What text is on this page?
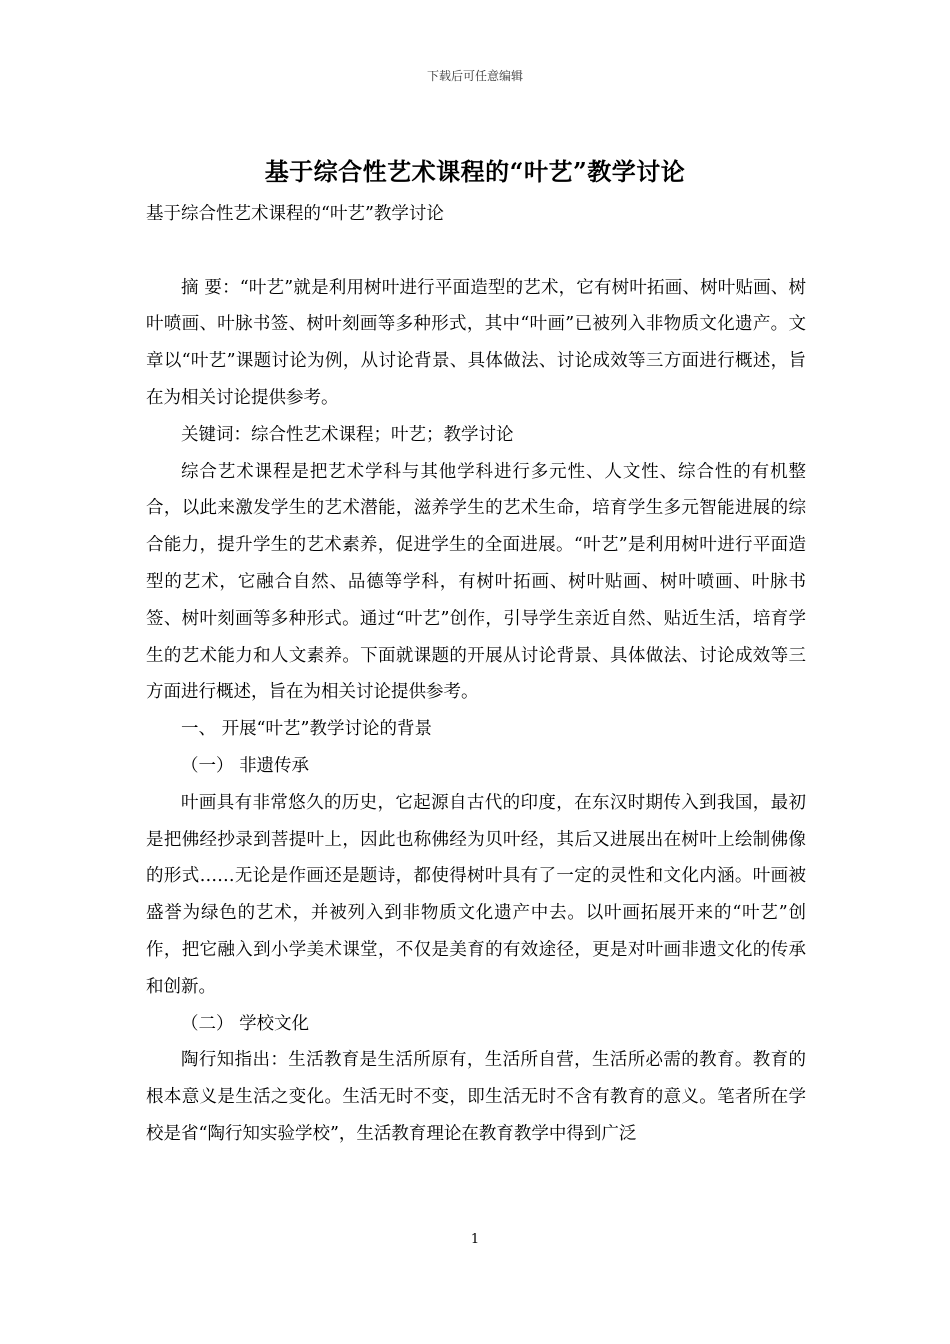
下载后可任意编辑
基于综合性艺术课程的“叶艺”教学讨论

基于综合性艺术课程的“叶艺”教学讨论

摘 要：“叶艺”就是利用树叶进行平面造型的艺术，它有树叶拓画、树叶贴画、树叶喷画、叶脉书签、树叶刻画等多种形式，其中“叶画”已被列入非物质文化遗产。文章以“叶艺”课题讨论为例，从讨论背景、具体做法、讨论成效等三方面进行概述，旨在为相关讨论提供参考。

关键词：综合性艺术课程；叶艺；教学讨论

综合艺术课程是把艺术学科与其他学科进行多元性、人文性、综合性的有机整合，以此来激发学生的艺术潜能，滋养学生的艺术生命，培育学生多元智能进展的综合能力，提升学生的艺术素养，促进学生的全面进展。“叶艺”是利用树叶进行平面造型的艺术，它融合自然、品德等学科，有树叶拓画、树叶贴画、树叶喷画、叶脉书签、树叶刻画等多种形式。通过“叶艺”创作，引导学生亲近自然、贴近生活，培育学生的艺术能力和人文素养。下面就课题的开展从讨论背景、具体做法、讨论成效等三方面进行概述，旨在为相关讨论提供参考。

一、 开展“叶艺”教学讨论的背景

（一） 非遗传承

叶画具有非常悠久的历史，它起源自古代的印度，在东汉时期传入到我国，最初是把佛经抄录到菩提叶上，因此也称佛经为贝叶经，其后又进展出在树叶上绘制佛像的形式……无论是作画还是题诗，都使得树叶具有了一定的灵性和文化内涵。叶画被盛誉为绿色的艺术，并被列入到非物质文化遗产中去。以叶画拓展开来的“叶艺”创作，把它融入到小学美术课堂，不仅是美育的有效途径，更是对叶画非遗文化的传承和创新。

（二） 学校文化

陶行知指出：生活教育是生活所原有，生活所自营，生活所必需的教育。教育的根本意义是生活之变化。生活无时不变，即生活无时不含有教育的意义。笔者所在学校是省“陶行知实验学校”，生活教育理论在教育教学中得到广泛

1
